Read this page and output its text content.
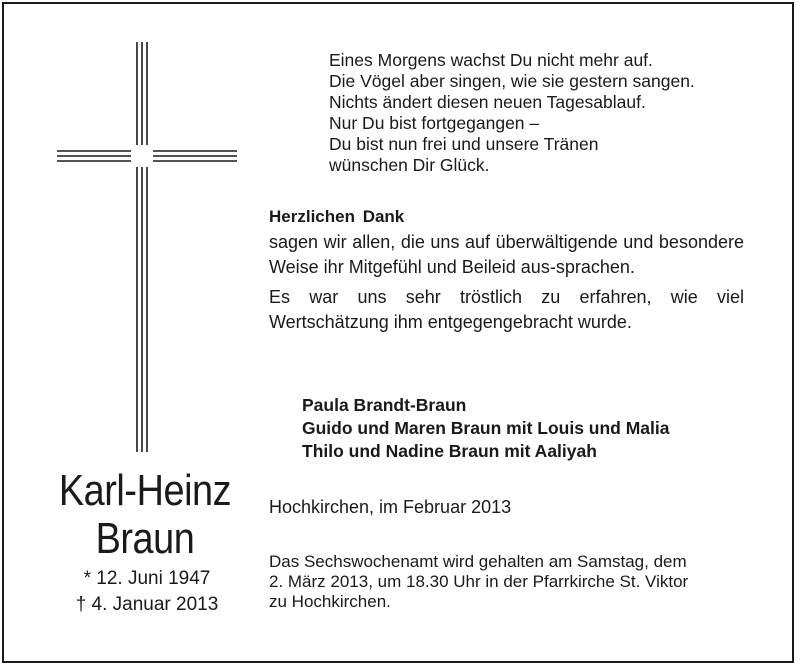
Eines Morgens wachst Du nicht mehr auf.
Die Vögel aber singen, wie sie gestern sangen.
Nichts ändert diesen neuen Tagesablauf.
Nur Du bist fortgegangen –
Du bist nun frei und unsere Tränen
wünschen Dir Glück.
Herzlichen Dank

sagen wir allen, die uns auf überwältigende und besondere Weise ihr Mitgefühl und Beileid aus-sprachen.

Es war uns sehr tröstlich zu erfahren, wie viel Wertschätzung ihm entgegengebracht wurde.

Paula Brandt-Braun
Guido und Maren Braun mit Louis und Malia
Thilo und Nadine Braun mit Aaliyah
Karl-Heinz
Braun
* 12. Juni 1947
† 4. Januar 2013
Hochkirchen, im Februar 2013
Das Sechswochenamt wird gehalten am Samstag, dem
2. März 2013, um 18.30 Uhr in der Pfarrkirche St. Viktor
zu Hochkirchen.
